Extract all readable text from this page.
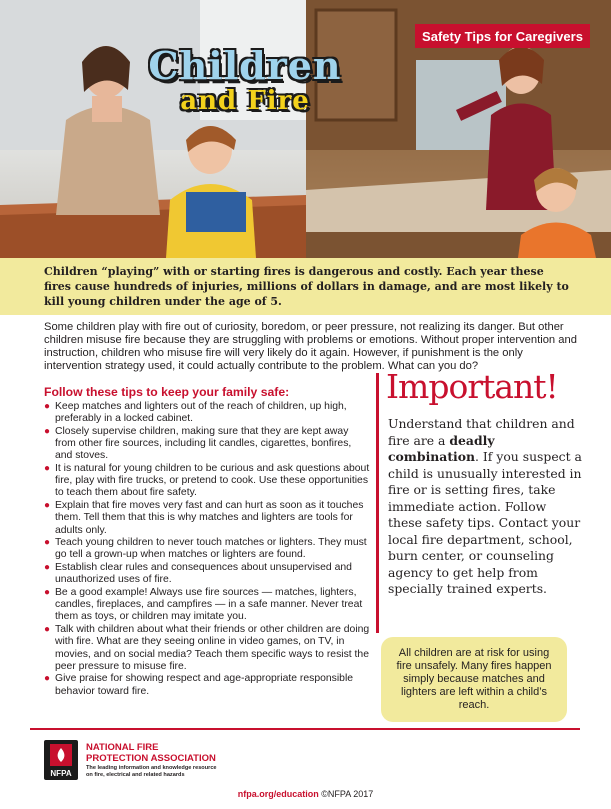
Safety Tips for Caregivers
Children
and Fire
Children “playing” with or starting fires is dangerous and costly. Each year these fires cause hundreds of injuries, millions of dollars in damage, and are most likely to kill young children under the age of 5.
Some children play with fire out of curiosity, boredom, or peer pressure, not realizing its danger. But other children misuse fire because they are struggling with problems or emotions. Without proper intervention and instruction, children who misuse fire will very likely do it again. However, if punishment is the only intervention strategy used, it could actually contribute to the problem. What can you do?
Follow these tips to keep your family safe:
● Keep matches and lighters out of the reach of children, up high, preferably in a locked cabinet.
● Closely supervise children, making sure that they are kept away from other fire sources, including lit candles, cigarettes, bonfires, and stoves.
● It is natural for young children to be curious and ask questions about fire, play with fire trucks, or pretend to cook. Use these opportunities to teach them about fire safety.
● Explain that fire moves very fast and can hurt as soon as it touches them. Tell them that this is why matches and lighters are tools for adults only.
● Teach young children to never touch matches or lighters. They must go tell a grown-up when matches or lighters are found.
● Establish clear rules and consequences about unsupervised and unauthorized uses of fire.
● Be a good example! Always use fire sources — matches, lighters, candles, fireplaces, and campfires — in a safe manner. Never treat them as toys, or children may imitate you.
● Talk with children about what their friends or other children are doing with fire. What are they seeing online in video games, on TV, in movies, and on social media? Teach them specific ways to resist the peer pressure to misuse fire.
● Give praise for showing respect and age-appropriate responsible behavior toward fire.
Important!
Understand that children and fire are a deadly combination. If you suspect a child is unusually interested in fire or is setting fires, take immediate action. Follow these safety tips. Contact your local fire department, school, burn center, or counseling agency to get help from specially trained experts.
All children are at risk for using fire unsafely. Many fires happen simply because matches and lighters are left within a child’s reach.
NFPA
NATIONAL FIRE
PROTECTION ASSOCIATION
The leading information and knowledge resource
on fire, electrical and related hazards
nfpa.org/education ©NFPA 2017
